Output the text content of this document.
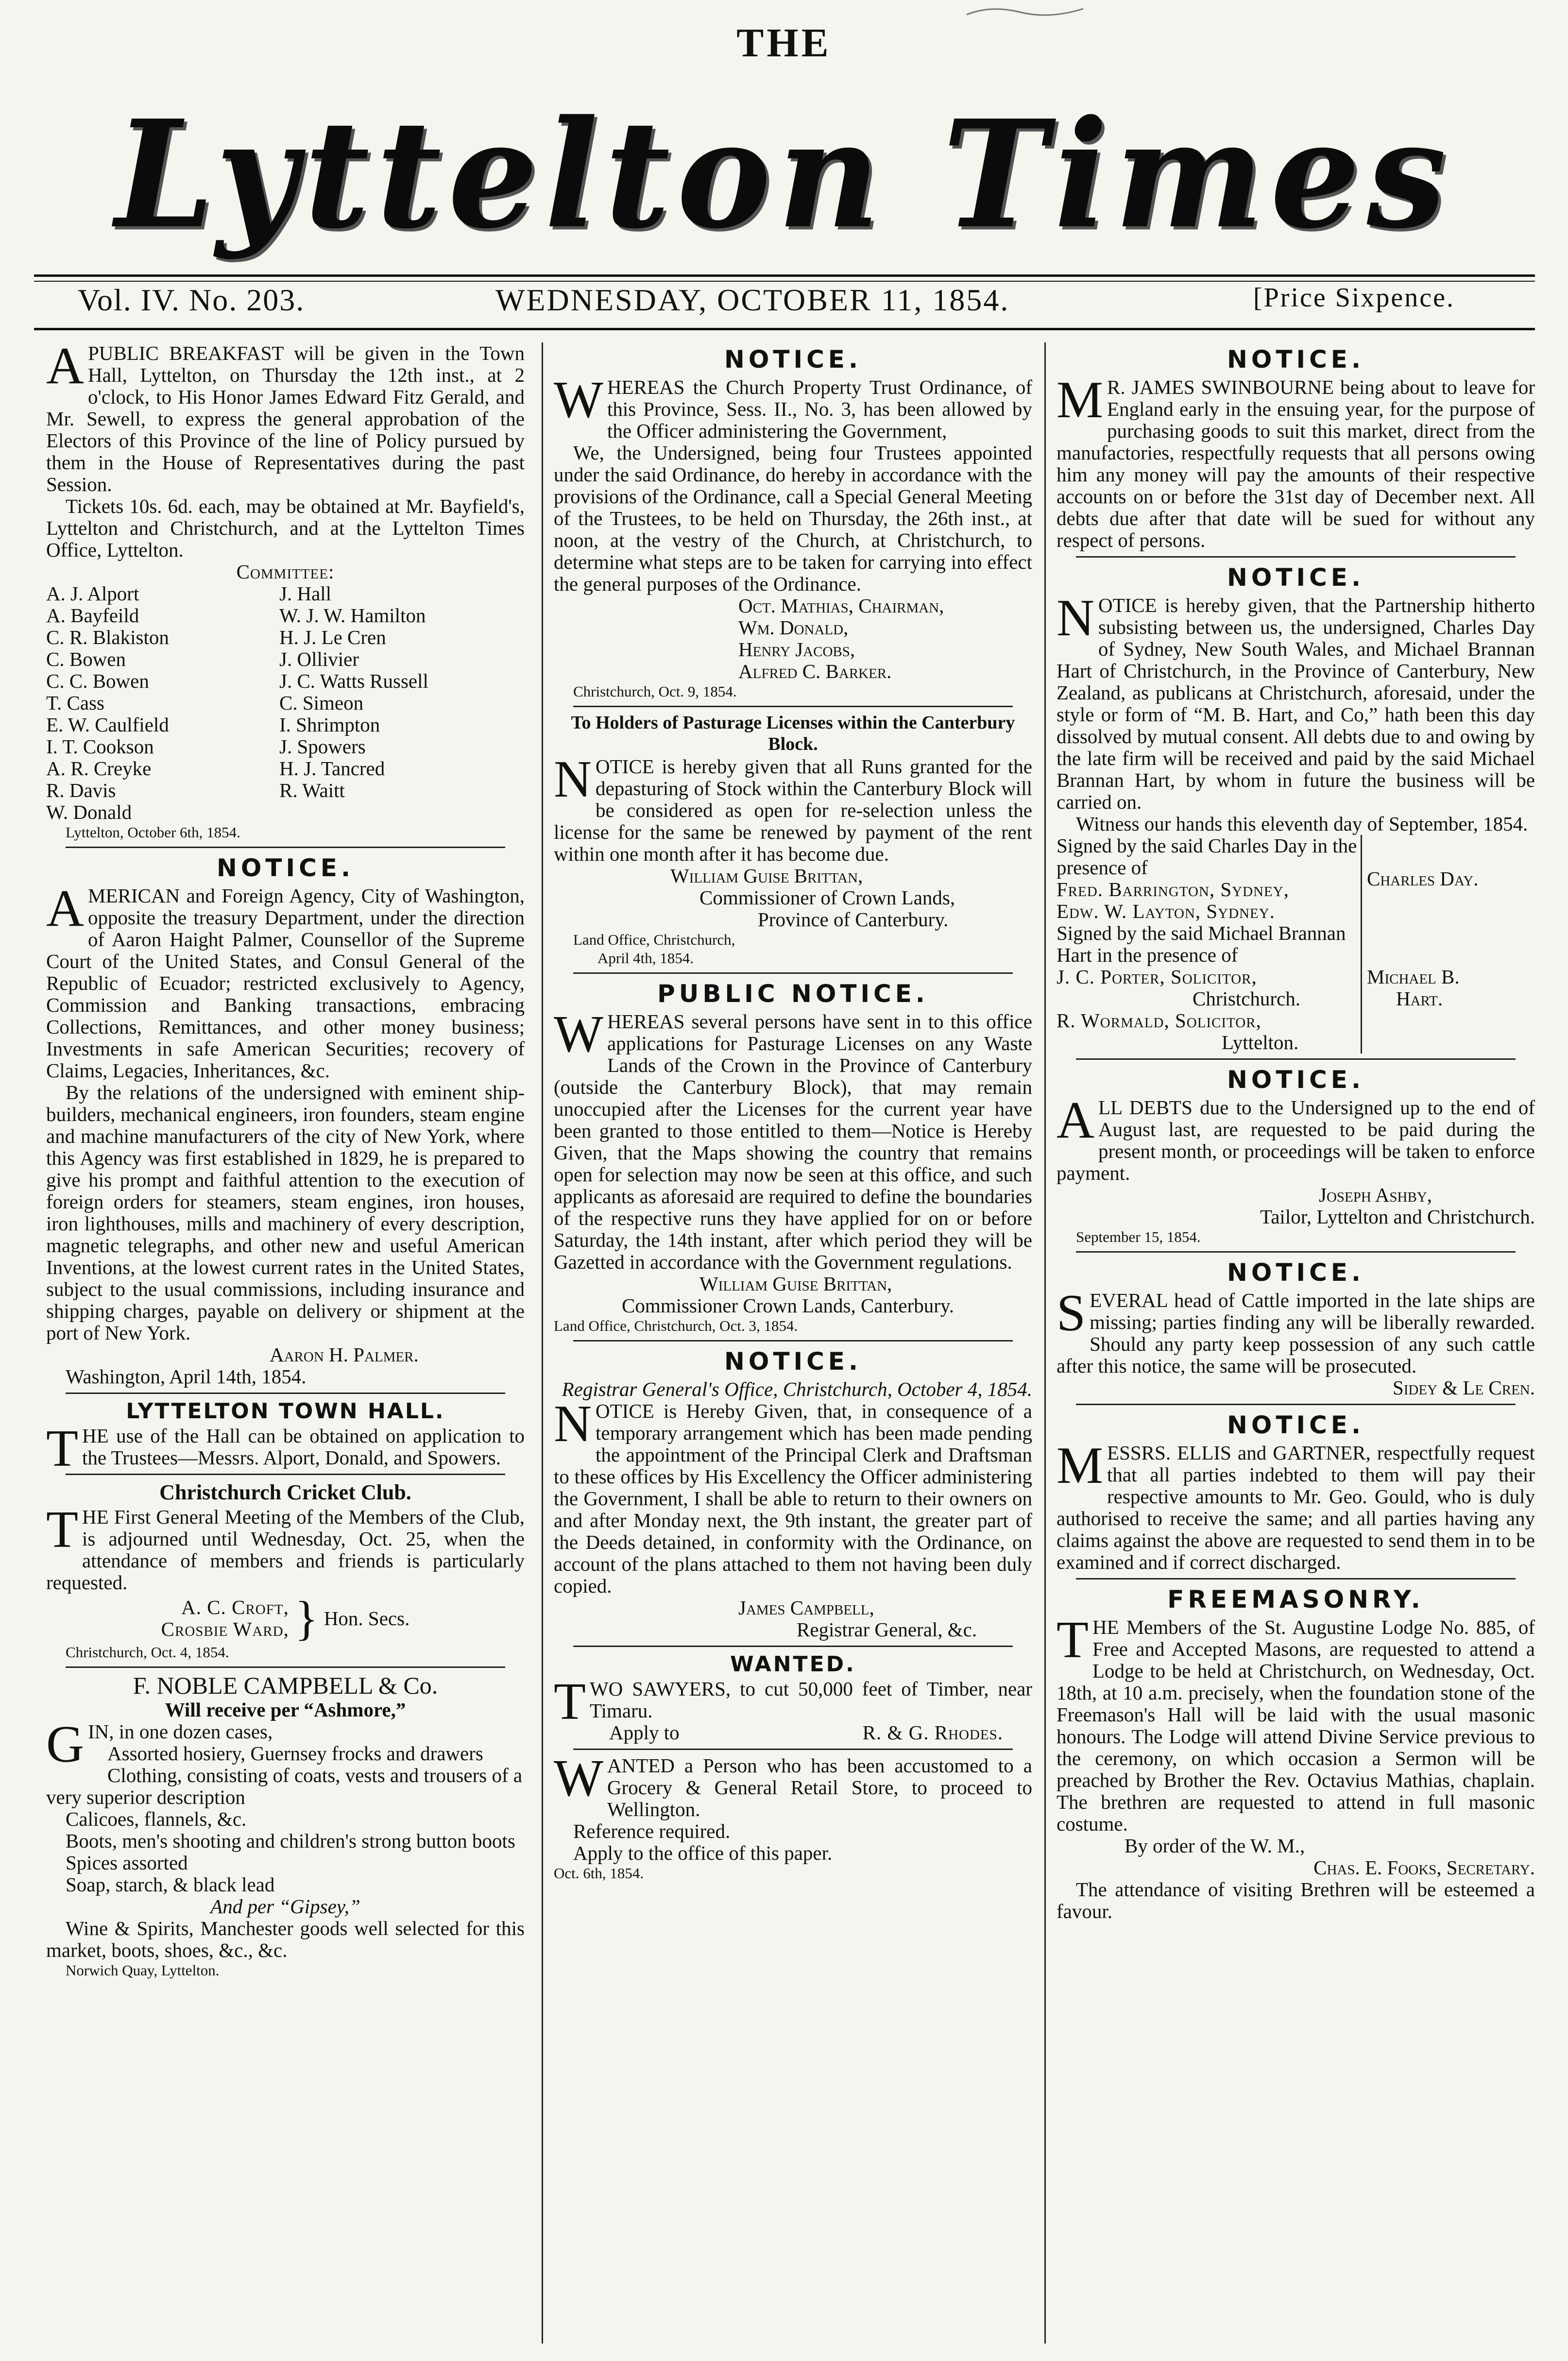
THE
Lyttelton Times
Vol. IV. No. 203.	WEDNESDAY, OCTOBER 11, 1854.	[Price Sixpence.

A PUBLIC BREAKFAST will be given in the Town Hall, Lyttelton, on Thursday the 12th inst., at 2 o'clock, to His Honor James Edward Fitz Gerald, and Mr. Sewell, to express the general approbation of the Electors of this Province of the line of Policy pursued by them in the House of Representatives during the past Session.

Tickets 10s. 6d. each, may be obtained at Mr. Bayfield's, Lyttelton and Christchurch, and at the Lyttelton Times Office, Lyttelton.

Committee:
A. J. Alport	J. Hall
A. Bayfeild	W. J. W. Hamilton
C. R. Blakiston	H. J. Le Cren
C. Bowen	J. Ollivier
C. C. Bowen	J. C. Watts Russell
T. Cass	C. Simeon
E. W. Caulfield	I. Shrimpton
I. T. Cookson	J. Spowers
A. R. Creyke	H. J. Tancred
R. Davis	R. Waitt
W. Donald
Lyttelton, October 6th, 1854.
NOTICE.

AMERICAN and Foreign Agency, City of Washington, opposite the treasury Department, under the direction of Aaron Haight Palmer, Counsellor of the Supreme Court of the United States, and Consul General of the Republic of Ecuador; restricted exclusively to Agency, Commission and Banking transactions, embracing Collections, Remittances, and other money business; Investments in safe American Securities; recovery of Claims, Legacies, Inheritances, &c.

By the relations of the undersigned with eminent ship-builders, mechanical engineers, iron founders, steam engine and machine manufacturers of the city of New York, where this Agency was first established in 1829, he is prepared to give his prompt and faithful attention to the execution of foreign orders for steamers, steam engines, iron houses, iron lighthouses, mills and machinery of every description, magnetic telegraphs, and other new and useful American Inventions, at the lowest current rates in the United States, subject to the usual commissions, including insurance and shipping charges, payable on delivery or shipment at the port of New York.

Aaron H. Palmer.
Washington, April 14th, 1854.
LYTTELTON TOWN HALL.

THE use of the Hall can be obtained on application to the Trustees—Messrs. Alport, Donald, and Spowers.

Christchurch Cricket Club.

THE First General Meeting of the Members of the Club, is adjourned until Wednesday, Oct. 25, when the attendance of members and friends is particularly requested.

A. C. Croft,
Crosbie Ward, } Hon. Secs.
Christchurch, Oct. 4, 1854.
F. NOBLE CAMPBELL & Co.
Will receive per “Ashmore,”

GIN, in one dozen cases,

Assorted hosiery, Guernsey frocks and drawers
Clothing, consisting of coats, vests and trousers of a very superior description
Calicoes, flannels, &c.
Boots, men's shooting and children's strong button boots
Spices assorted
Soap, starch, & black lead
And per “Gipsey,”

Wine & Spirits, Manchester goods well selected for this market, boots, shoes, &c., &c.

Norwich Quay, Lyttelton.
NOTICE.

WHEREAS the Church Property Trust Ordinance, of this Province, Sess. II., No. 3, has been allowed by the Officer administering the Government,

We, the Undersigned, being four Trustees appointed under the said Ordinance, do hereby in accordance with the provisions of the Ordinance, call a Special General Meeting of the Trustees, to be held on Thursday, the 26th inst., at noon, at the vestry of the Church, at Christchurch, to determine what steps are to be taken for carrying into effect the general purposes of the Ordinance.

Oct. Mathias, Chairman,
Wm. Donald,
Henry Jacobs,
Alfred C. Barker.
Christchurch, Oct. 9, 1854.
To Holders of Pasturage Licenses within the Canterbury Block.

NOTICE is hereby given that all Runs granted for the depasturing of Stock within the Canterbury Block will be considered as open for re-selection unless the license for the same be renewed by payment of the rent within one month after it has become due.

William Guise Brittan,
Commissioner of Crown Lands,
Province of Canterbury.
Land Office, Christchurch,
April 4th, 1854.
PUBLIC NOTICE.

WHEREAS several persons have sent in to this office applications for Pasturage Licenses on any Waste Lands of the Crown in the Province of Canterbury (outside the Canterbury Block), that may remain unoccupied after the Licenses for the current year have been granted to those entitled to them—Notice is Hereby Given, that the Maps showing the country that remains open for selection may now be seen at this office, and such applicants as aforesaid are required to define the boundaries of the respective runs they have applied for on or before Saturday, the 14th instant, after which period they will be Gazetted in accordance with the Government regulations.

William Guise Brittan,
Commissioner Crown Lands, Canterbury.
Land Office, Christchurch, Oct. 3, 1854.
NOTICE.
Registrar General's Office, Christchurch, October 4, 1854.

NOTICE is Hereby Given, that, in consequence of a temporary arrangement which has been made pending the appointment of the Principal Clerk and Draftsman to these offices by His Excellency the Officer administering the Government, I shall be able to return to their owners on and after Monday next, the 9th instant, the greater part of the Deeds detained, in conformity with the Ordinance, on account of the plans attached to them not having been duly copied.

James Campbell,
Registrar General, &c.
WANTED.

TWO SAWYERS, to cut 50,000 feet of Timber, near Timaru.

Apply to	R. & G. Rhodes.

WANTED a Person who has been accustomed to a Grocery & General Retail Store, to proceed to Wellington.

Reference required.
Apply to the office of this paper.
Oct. 6th, 1854.
NOTICE.

M R. JAMES SWINBOURNE being about to leave for England early in the ensuing year, for the purpose of purchasing goods to suit this market, direct from the manufactories, respectfully requests that all persons owing him any money will pay the amounts of their respective accounts on or before the 31st day of December next. All debts due after that date will be sued for without any respect of persons.

NOTICE.

NOTICE is hereby given, that the Partnership hitherto subsisting between us, the undersigned, Charles Day of Sydney, New South Wales, and Michael Brannan Hart of Christchurch, in the Province of Canterbury, New Zealand, as publicans at Christchurch, aforesaid, under the style or form of “M. B. Hart, and Co,” hath been this day dissolved by mutual consent. All debts due to and owing by the late firm will be received and paid by the said Michael Brannan Hart, by whom in future the business will be carried on.

Witness our hands this eleventh day of September, 1854.

Signed by the said Charles Day in the presence of
Fred. Barrington, Sydney,
Edw. W. Layton, Sydney.
Charles Day.
Signed by the said Michael Brannan Hart in the presence of
J. C. Porter, Solicitor,
Christchurch.
R. Wormald, Solicitor,
Lyttelton.
Michael B.
Hart.
NOTICE.

ALL DEBTS due to the Undersigned up to the end of August last, are requested to be paid during the present month, or proceedings will be taken to enforce payment.

Joseph Ashby,
Tailor, Lyttelton and Christchurch.
September 15, 1854.
NOTICE.

SEVERAL head of Cattle imported in the late ships are missing; parties finding any will be liberally rewarded. Should any party keep possession of any such cattle after this notice, the same will be prosecuted.

Sidey & Le Cren.
NOTICE.

MESSRS. ELLIS and GARTNER, respectfully request that all parties indebted to them will pay their respective amounts to Mr. Geo. Gould, who is duly authorised to receive the same; and all parties having any claims against the above are requested to send them in to be examined and if correct discharged.

FREEMASONRY.

THE Members of the St. Augustine Lodge No. 885, of Free and Accepted Masons, are requested to attend a Lodge to be held at Christchurch, on Wednesday, Oct. 18th, at 10 a.m. precisely, when the foundation stone of the Freemason's Hall will be laid with the usual masonic honours. The Lodge will attend Divine Service previous to the ceremony, on which occasion a Sermon will be preached by Brother the Rev. Octavius Mathias, chaplain. The brethren are requested to attend in full masonic costume.

By order of the W. M.,
Chas. E. Fooks, Secretary.

The attendance of visiting Brethren will be esteemed a favour.
